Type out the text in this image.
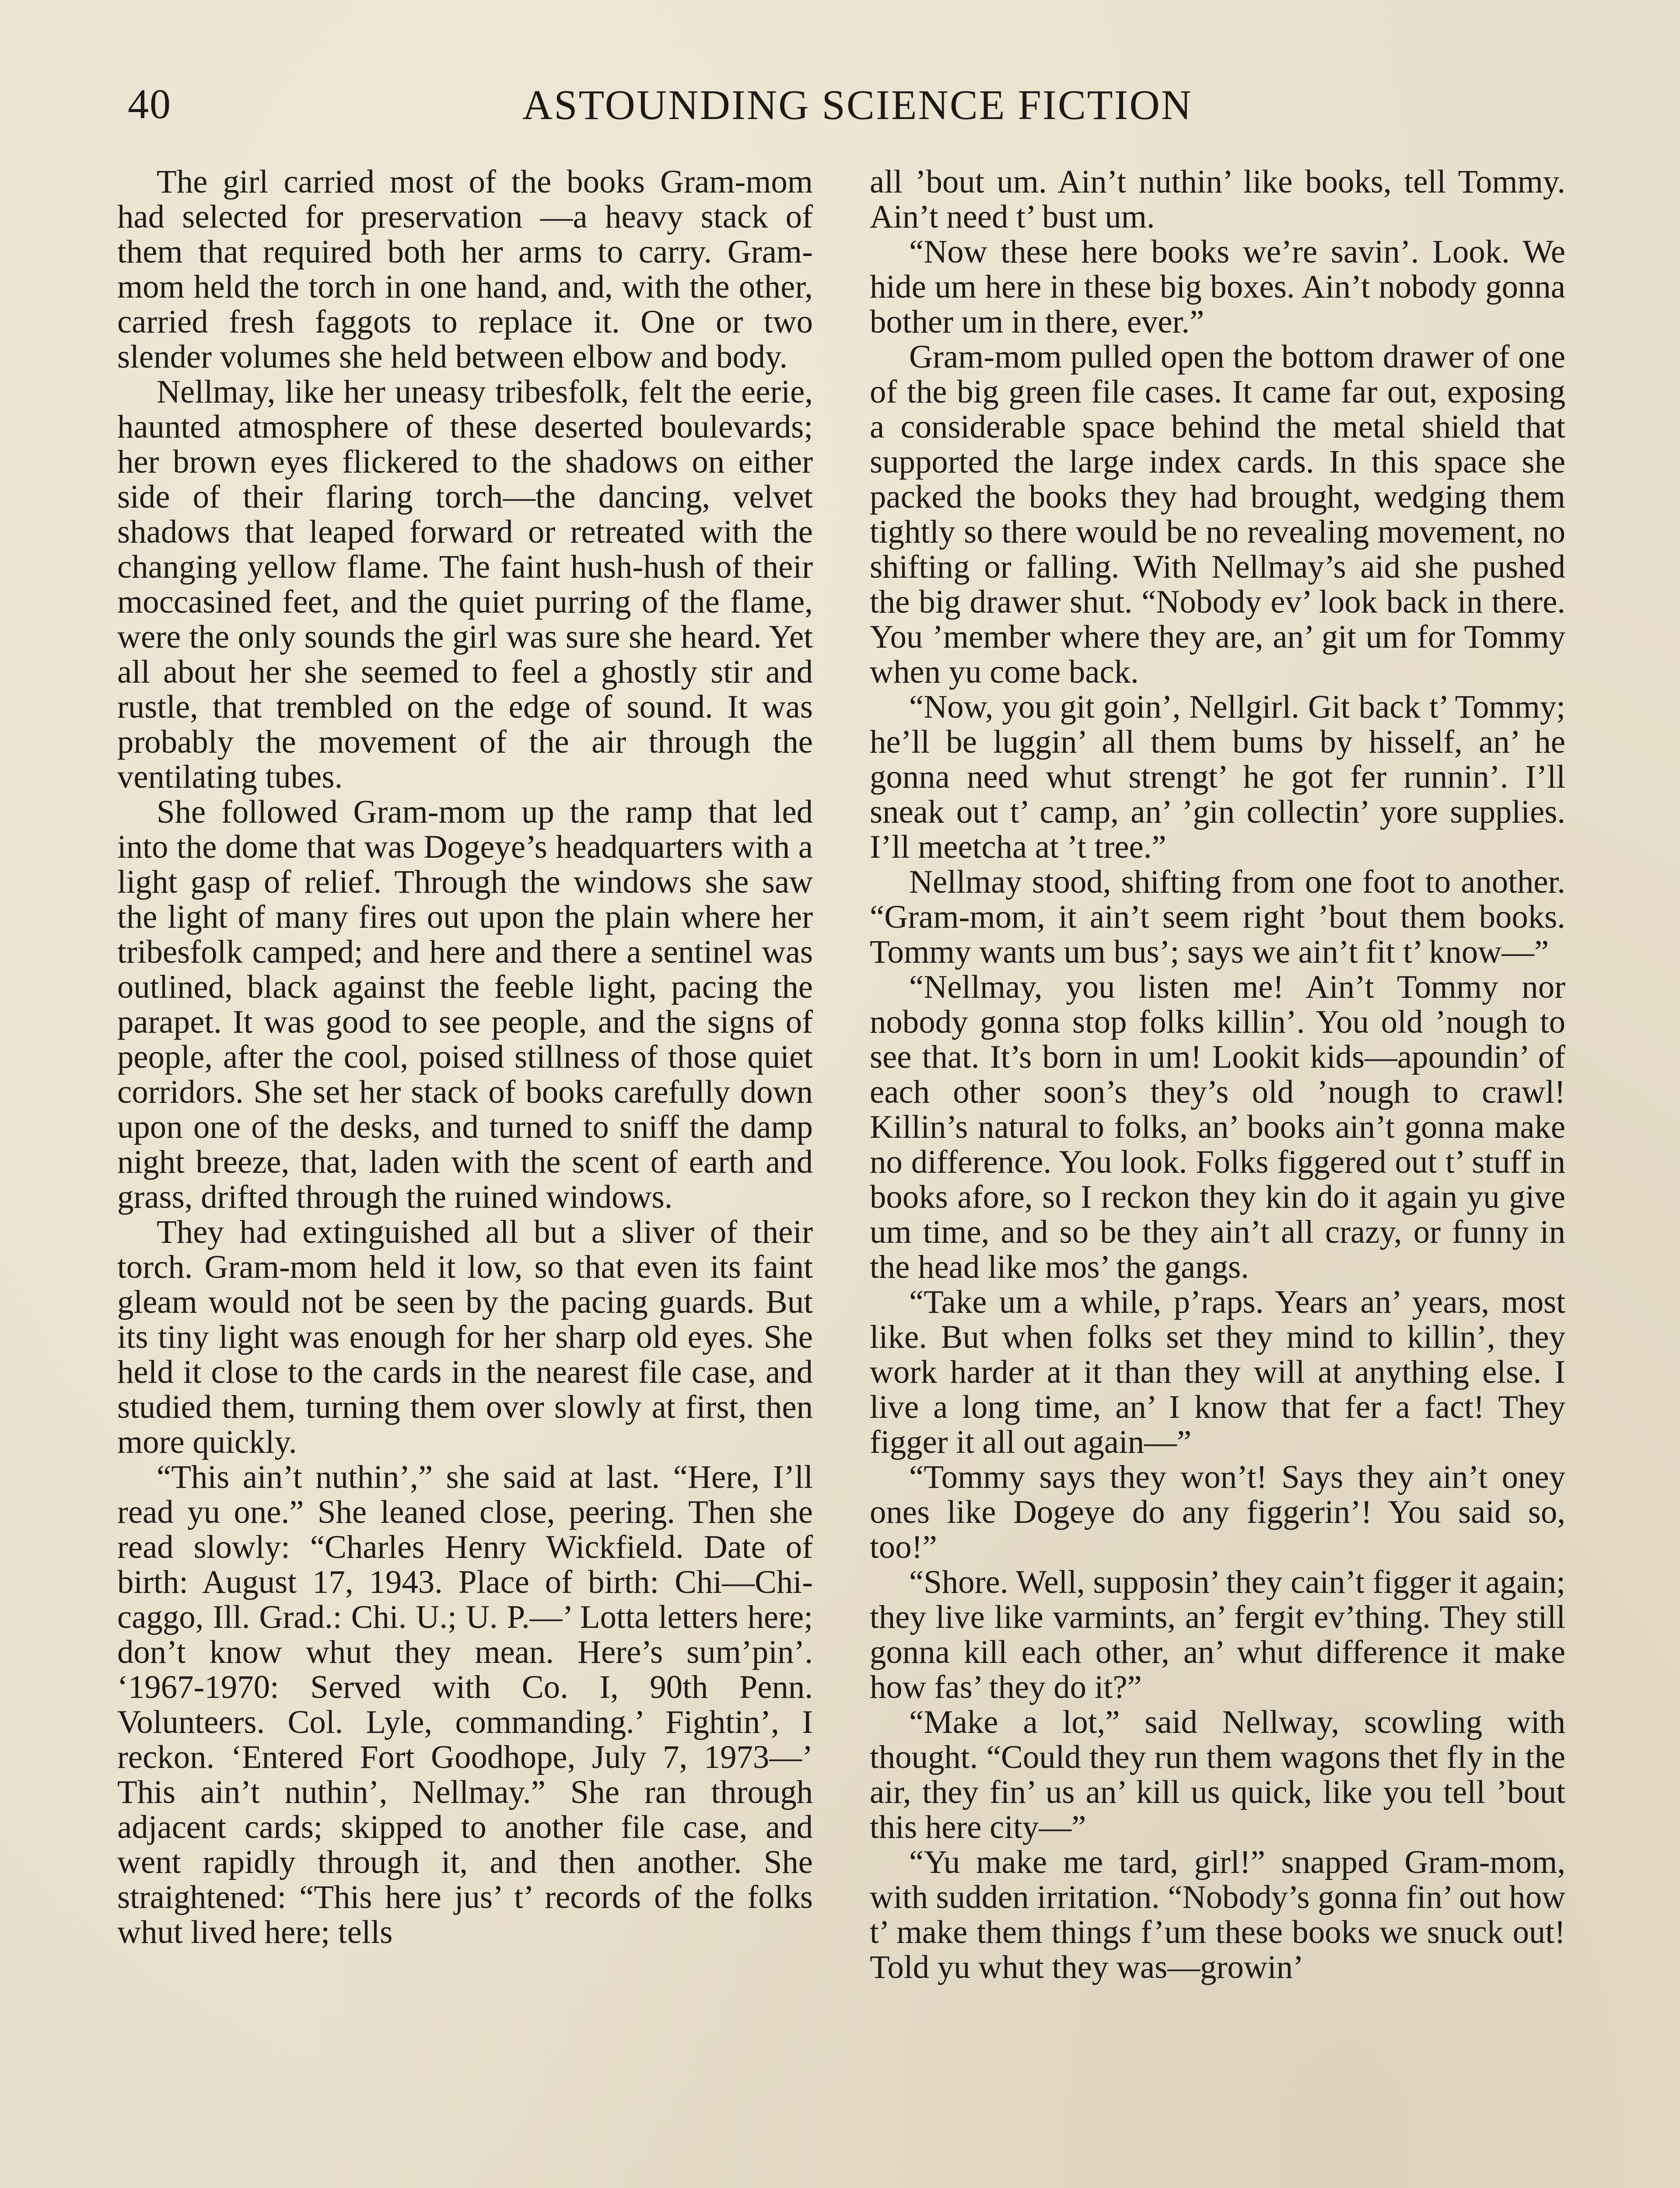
40	ASTOUNDING SCIENCE FICTION

The girl carried most of the books Gram-mom had selected for preservation —a heavy stack of them that required both her arms to carry. Gram-mom held the torch in one hand, and, with the other, carried fresh faggots to replace it. One or two slender volumes she held between elbow and body.

Nellmay, like her uneasy tribesfolk, felt the eerie, haunted atmosphere of these deserted boulevards; her brown eyes flickered to the shadows on either side of their flaring torch—the dancing, velvet shadows that leaped forward or retreated with the changing yellow flame. The faint hush-hush of their moccasined feet, and the quiet purring of the flame, were the only sounds the girl was sure she heard. Yet all about her she seemed to feel a ghostly stir and rustle, that trembled on the edge of sound. It was probably the movement of the air through the ventilating tubes.

She followed Gram-mom up the ramp that led into the dome that was Dogeye’s headquarters with a light gasp of relief. Through the windows she saw the light of many fires out upon the plain where her tribesfolk camped; and here and there a sentinel was outlined, black against the feeble light, pacing the parapet. It was good to see people, and the signs of people, after the cool, poised stillness of those quiet corridors. She set her stack of books carefully down upon one of the desks, and turned to sniff the damp night breeze, that, laden with the scent of earth and grass, drifted through the ruined windows.

They had extinguished all but a sliver of their torch. Gram-mom held it low, so that even its faint gleam would not be seen by the pacing guards. But its tiny light was enough for her sharp old eyes. She held it close to the cards in the nearest file case, and studied them, turning them over slowly at first, then more quickly.

“This ain’t nuthin’,” she said at last. “Here, I’ll read yu one.” She leaned close, peering. Then she read slowly: “Charles Henry Wickfield. Date of birth: August 17, 1943. Place of birth: Chi—Chi-caggo, Ill. Grad.: Chi. U.; U. P.—’ Lotta letters here; don’t know whut they mean. Here’s sum’pin’. ‘1967-1970: Served with Co. I, 90th Penn. Volunteers. Col. Lyle, commanding.’ Fightin’, I reckon. ‘Entered Fort Goodhope, July 7, 1973—’ This ain’t nuthin’, Nellmay.” She ran through adjacent cards; skipped to another file case, and went rapidly through it, and then another. She straightened: “This here jus’ t’ records of the folks whut lived here; tells

all ’bout um. Ain’t nuthin’ like books, tell Tommy. Ain’t need t’ bust um.

“Now these here books we’re savin’. Look. We hide um here in these big boxes. Ain’t nobody gonna bother um in there, ever.”

Gram-mom pulled open the bottom drawer of one of the big green file cases. It came far out, exposing a considerable space behind the metal shield that supported the large index cards. In this space she packed the books they had brought, wedging them tightly so there would be no revealing movement, no shifting or falling. With Nellmay’s aid she pushed the big drawer shut. “Nobody ev’ look back in there. You ’member where they are, an’ git um for Tommy when yu come back.

“Now, you git goin’, Nellgirl. Git back t’ Tommy; he’ll be luggin’ all them bums by hisself, an’ he gonna need whut strengt’ he got fer runnin’. I’ll sneak out t’ camp, an’ ’gin collectin’ yore supplies. I’ll meetcha at ’t tree.”

Nellmay stood, shifting from one foot to another. “Gram-mom, it ain’t seem right ’bout them books. Tommy wants um bus’; says we ain’t fit t’ know—”

“Nellmay, you listen me! Ain’t Tommy nor nobody gonna stop folks killin’. You old ’nough to see that. It’s born in um! Lookit kids—apoundin’ of each other soon’s they’s old ’nough to crawl! Killin’s natural to folks, an’ books ain’t gonna make no difference. You look. Folks figgered out t’ stuff in books afore, so I reckon they kin do it again yu give um time, and so be they ain’t all crazy, or funny in the head like mos’ the gangs.

“Take um a while, p’raps. Years an’ years, most like. But when folks set they mind to killin’, they work harder at it than they will at anything else. I live a long time, an’ I know that fer a fact! They figger it all out again—”

“Tommy says they won’t! Says they ain’t oney ones like Dogeye do any figgerin’! You said so, too!”

“Shore. Well, supposin’ they cain’t figger it again; they live like varmints, an’ fergit ev’thing. They still gonna kill each other, an’ whut difference it make how fas’ they do it?”

“Make a lot,” said Nellway, scowling with thought. “Could they run them wagons thet fly in the air, they fin’ us an’ kill us quick, like you tell ’bout this here city—”

“Yu make me tard, girl!” snapped Gram-mom, with sudden irritation. “Nobody’s gonna fin’ out how t’ make them things f’um these books we snuck out! Told yu whut they was—growin’
